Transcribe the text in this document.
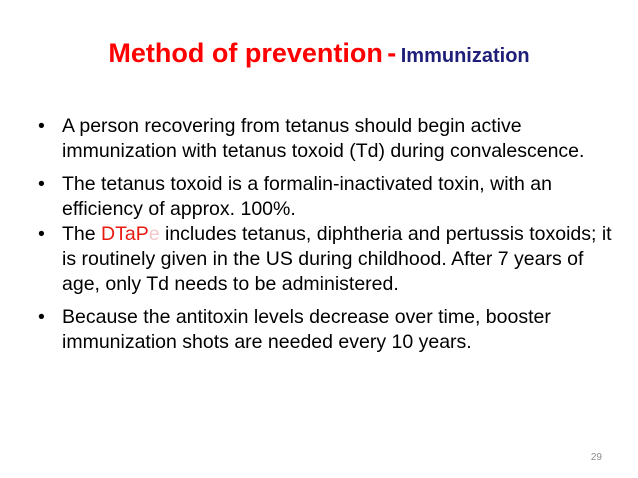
Method of prevention - Immunization
• A person recovering from tetanus should begin active immunization with tetanus toxoid (Td) during convalescence.
• The tetanus toxoid is a formalin-inactivated toxin, with an efficiency of approx. 100%.
• The DTaPe includes tetanus, diphtheria and pertussis toxoids; it is routinely given in the US during childhood. After 7 years of age, only Td needs to be administered.
• Because the antitoxin levels decrease over time, booster immunization shots are needed every 10 years.
29
